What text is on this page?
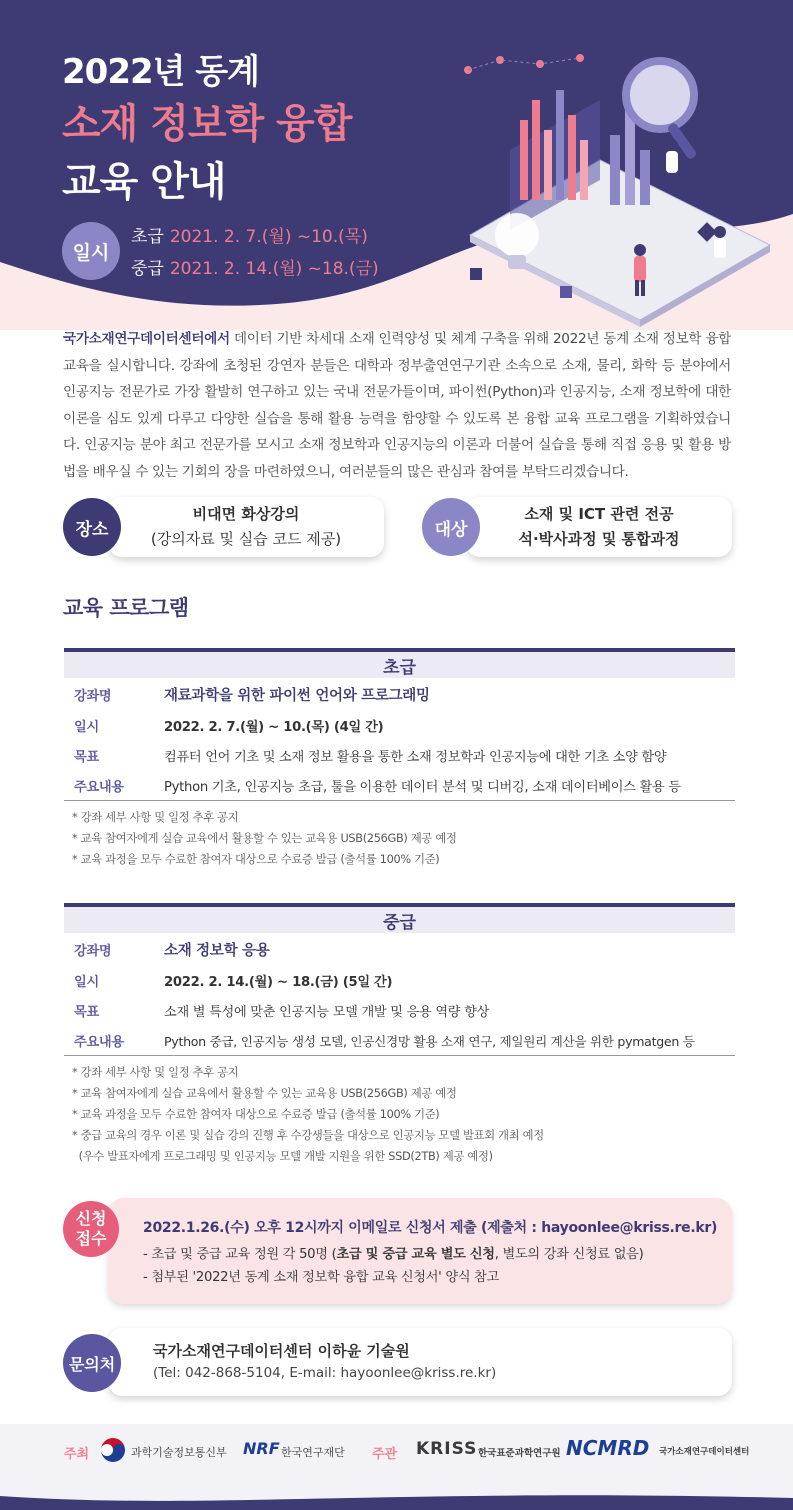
2022년 동계
소재 정보학 융합
교육 안내
일시
초급 2021. 2. 7.(월) ~10.(목)
중급 2021. 2. 14.(월) ~18.(금)

국가소재연구데이터센터에서 데이터 기반 차세대 소재 인력양성 및 체계 구축을 위해 2022년 동계 소재 정보학 융합 교육을 실시합니다. 강좌에 초청된 강연자 분들은 대학과 정부출연연구기관 소속으로 소재, 물리, 화학 등 분야에서 인공지능 전문가로 가장 활발히 연구하고 있는 국내 전문가들이며, 파이썬(Python)과 인공지능, 소재 정보학에 대한 이론을 심도 있게 다루고 다양한 실습을 통해 활용 능력을 함양할 수 있도록 본 융합 교육 프로그램을 기획하였습니다. 인공지능 분야 최고 전문가를 모시고 소재 정보학과 인공지능의 이론과 더불어 실습을 통해 직접 응용 및 활용 방법을 배우실 수 있는 기회의 장을 마련하였으니, 여러분들의 많은 관심과 참여를 부탁드리겠습니다.

비대면 화상강의
(강의자료 및 실습 코드 제공)
장소
소재 및 ICT 관련 전공
석·박사과정 및 통합과정
대상
교육 프로그램
초급
강좌명	재료과학을 위한 파이썬 언어와 프로그래밍
일시	2022. 2. 7.(월) ~ 10.(목) (4일 간)
목표	컴퓨터 언어 기초 및 소재 정보 활용을 통한 소재 정보학과 인공지능에 대한 기초 소양 함양
주요내용	Python 기초, 인공지능 초급, 툴을 이용한 데이터 분석 및 디버깅, 소재 데이터베이스 활용 등
* 강좌 세부 사항 및 일정 추후 공지
* 교육 참여자에게 실습 교육에서 활용할 수 있는 교육용 USB(256GB) 제공 예정
* 교육 과정을 모두 수료한 참여자 대상으로 수료증 발급 (출석률 100% 기준)
중급
강좌명	소재 정보학 응용
일시	2022. 2. 14.(월) ~ 18.(금) (5일 간)
목표	소재 별 특성에 맞춘 인공지능 모델 개발 및 응용 역량 향상
주요내용	Python 중급, 인공지능 생성 모델, 인공신경망 활용 소재 연구, 제일원리 계산을 위한 pymatgen 등
* 강좌 세부 사항 및 일정 추후 공지
* 교육 참여자에게 실습 교육에서 활용할 수 있는 교육용 USB(256GB) 제공 예정
* 교육 과정을 모두 수료한 참여자 대상으로 수료증 발급 (출석률 100% 기준)
* 중급 교육의 경우 이론 및 실습 강의 진행 후 수강생들을 대상으로 인공지능 모델 발표회 개최 예정
(우수 발표자에게 프로그래밍 및 인공지능 모델 개발 지원을 위한 SSD(2TB) 제공 예정)
신청
접수
2022.1.26.(수) 오후 12시까지 이메일로 신청서 제출 (제출처 : hayoonlee@kriss.re.kr)
- 초급 및 중급 교육 정원 각 50명 (초급 및 중급 교육 별도 신청, 별도의 강좌 신청료 없음)
- 첨부된 '2022년 동계 소재 정보학 융합 교육 신청서' 양식 참고
문의처
국가소재연구데이터센터 이하윤 기술원
(Tel: 042-868-5104, E-mail: hayoonlee@kriss.re.kr)
주최	과학기술정보통신부 NRF 한국연구재단 주관 KRISS 한국표준과학연구원 NCMRD 국가소재연구데이터센터
